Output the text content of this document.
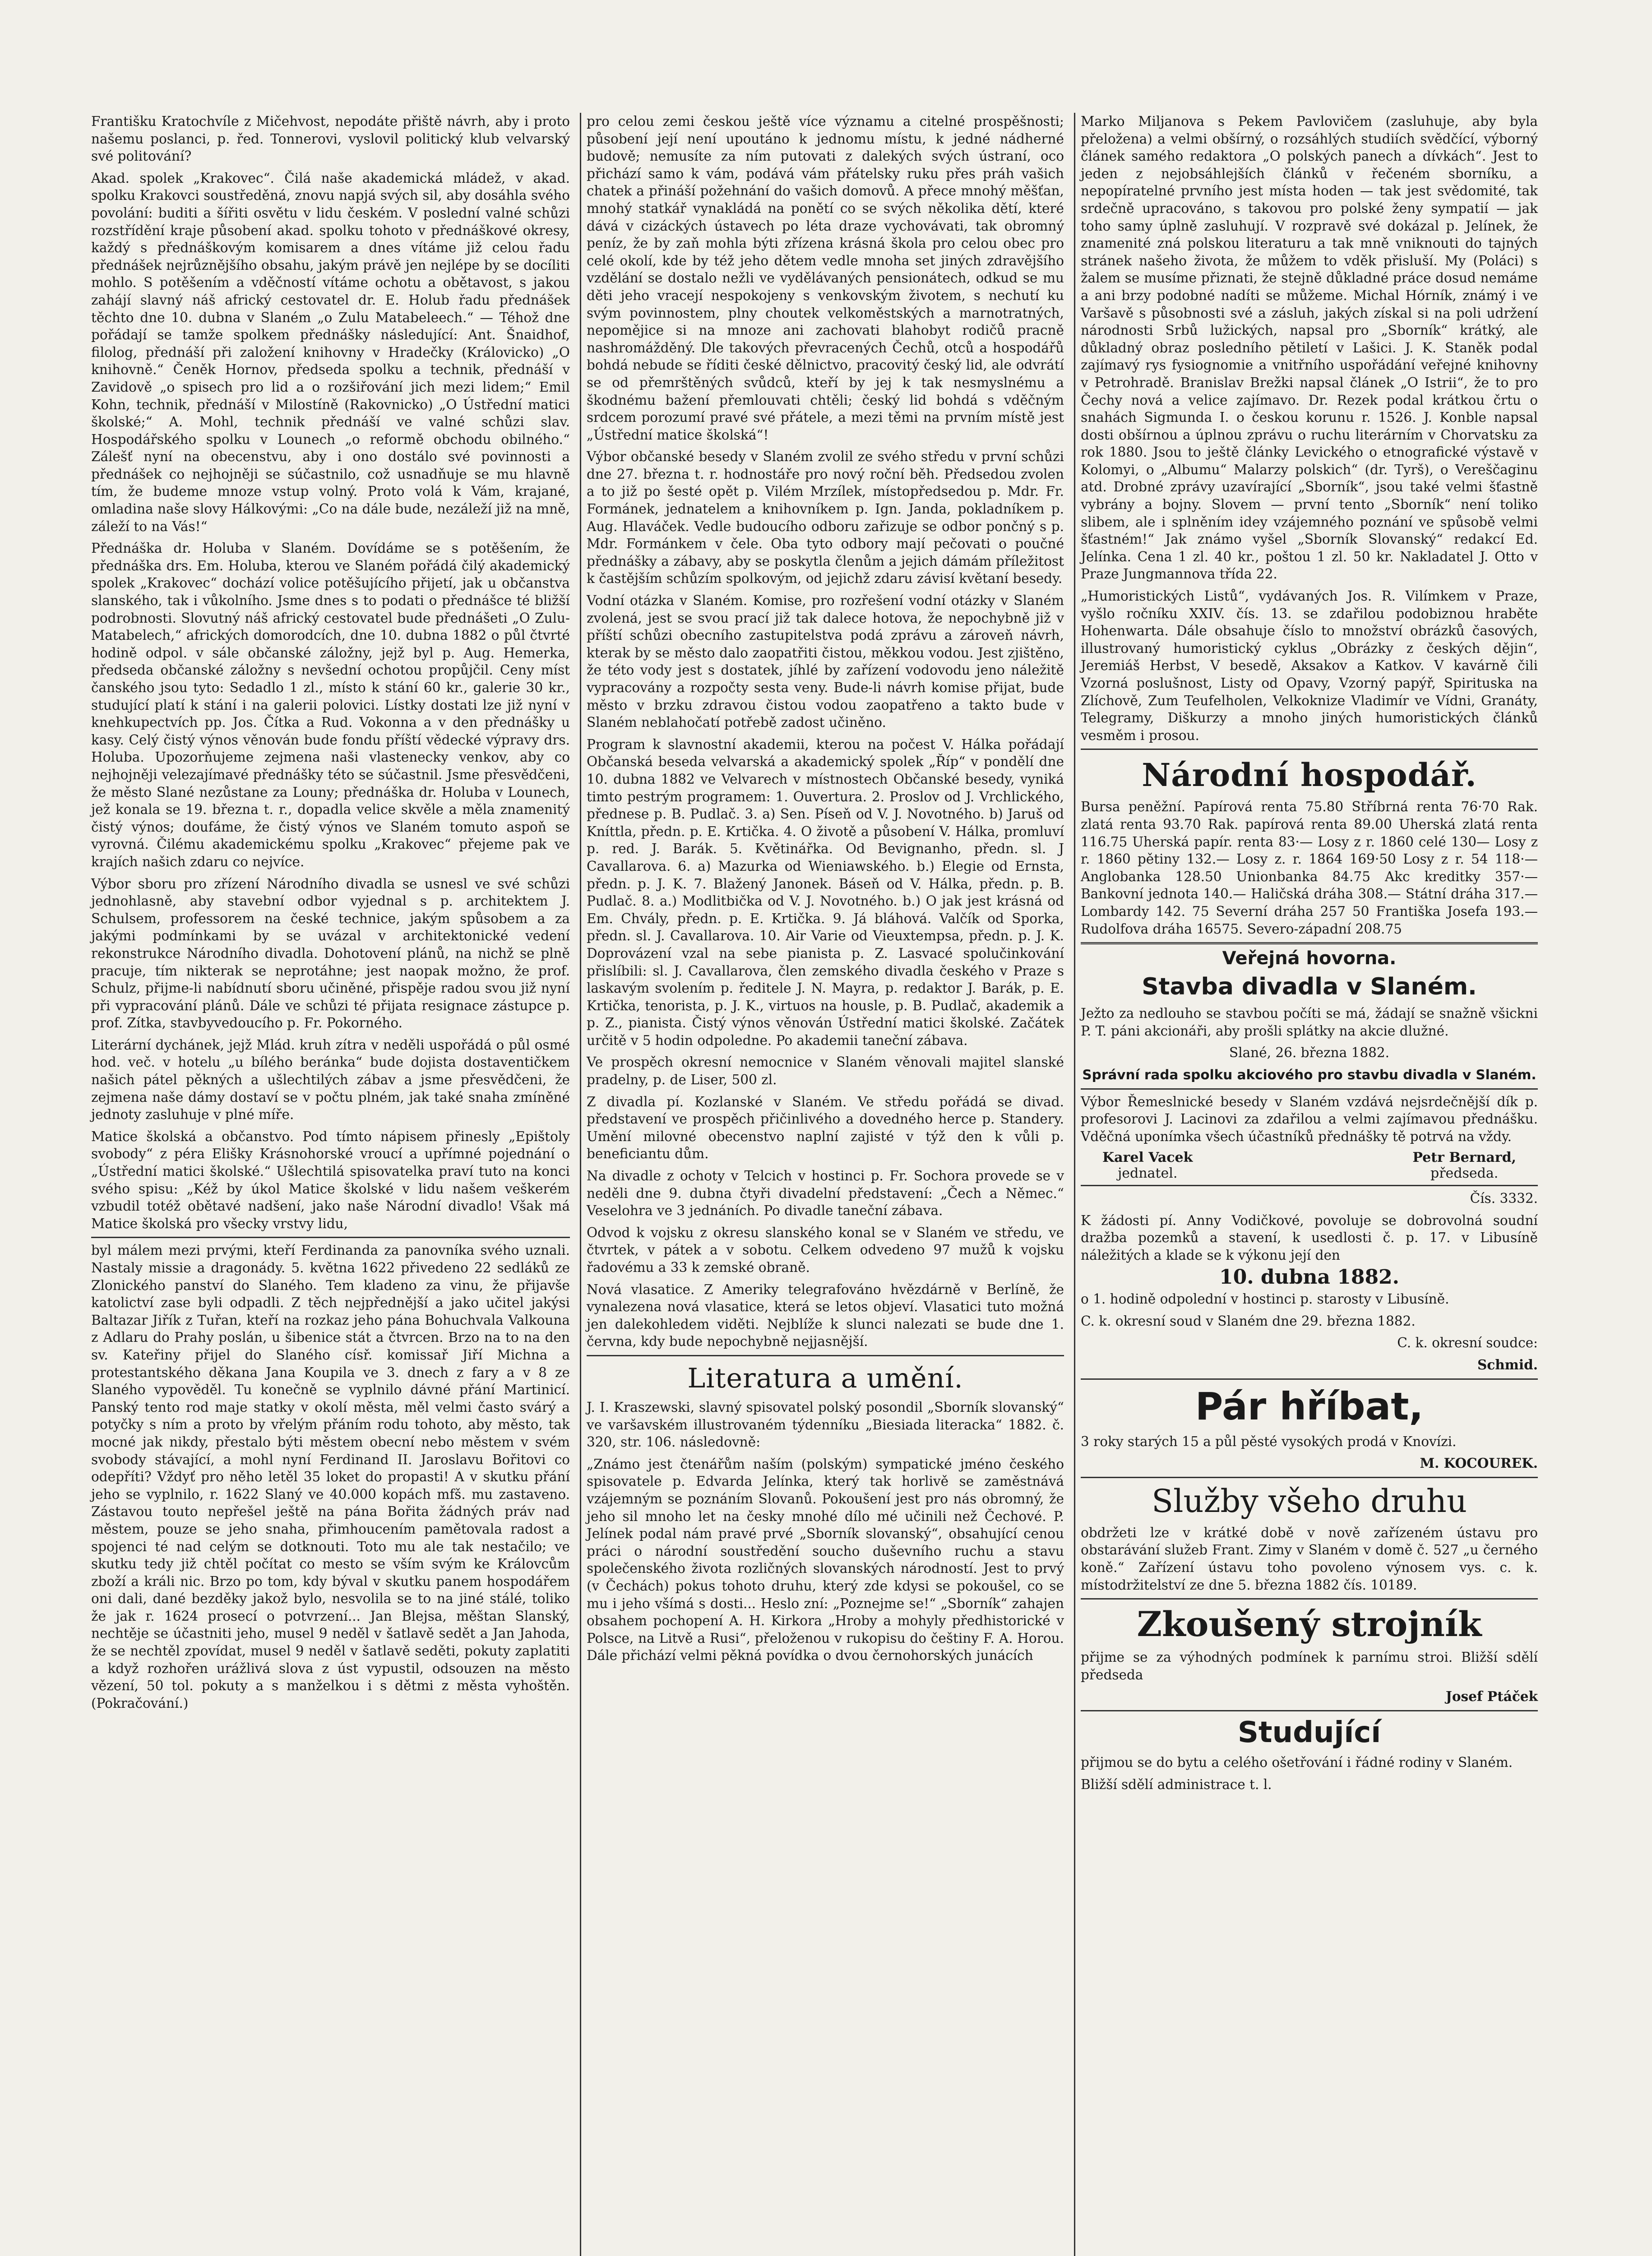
Františku Kratochvíle z Mičehvost, nepodáte přiště návrh, aby i proto našemu poslanci, p. řed. Tonnerovi, vyslovil politický klub velvarský své politování?

Akad. spolek „Krakovec“. Čilá naše akademická mládež, v akad. spolku Krakovci soustředěná, znovu napjá svých sil, aby dosáhla svého povolání: buditi a šířiti osvětu v lidu českém. V poslední valné schůzi rozstřídění kraje působení akad. spolku tohoto v přednáškové okresy, každý s přednáškovým komisarem a dnes vítáme již celou řadu přednášek nejrůznějšího obsahu, jakým právě jen nejlépe by se docíliti mohlo. S potěšením a vděčností vítáme ochotu a obětavost, s jakou zahájí slavný náš africký cestovatel dr. E. Holub řadu přednášek těchto dne 10. dubna v Slaném „o Zulu Matabeleech.“ — Téhož dne pořádají se tamže spolkem přednášky následující: Ant. Šnaidhof, filolog, přednáší při založení knihovny v Hradečky (Královicko) „O knihovně.“ Čeněk Hornov, předseda spolku a technik, přednáší v Zavidově „o spisech pro lid a o rozšiřování jich mezi lidem;“ Emil Kohn, technik, přednáší v Milostíně (Rakovnicko) „O Ústřední matici školské;“ A. Mohl, technik přednáší ve valné schůzi slav. Hospodářského spolku v Lounech „o reformě obchodu obilného.“ Zálešť nyní na obecenstvu, aby i ono dostálo své povinnosti a přednášek co nejhojněji se súčastnilo, což usnadňuje se mu hlavně tím, že budeme mnoze vstup volný. Proto volá k Vám, krajané, omladina naše slovy Hálkovými: „Co na dále bude, nezáleží již na mně, záleží to na Vás!“

Přednáška dr. Holuba v Slaném. Dovídáme se s potěšením, že přednáška drs. Em. Holuba, kterou ve Slaném pořádá čilý akademický spolek „Krakovec“ dochází volice potěšujícího přijetí, jak u občanstva slanského, tak i vůkolního. Jsme dnes s to podati o přednášce té bližší podrobnosti. Slovutný náš africký cestovatel bude přednášeti „O Zulu-Matabelech,“ afrických domorodcích, dne 10. dubna 1882 o půl čtvrté hodině odpol. v sále občanské záložny, jejž byl p. Aug. Hemerka, předseda občanské záložny s nevšední ochotou propůjčil. Ceny míst čanského jsou tyto: Sedadlo 1 zl., místo k stání 60 kr., galerie 30 kr., studující platí k stání i na galerii polovici. Lístky dostati lze již nyní v knehkupectvích pp. Jos. Čítka a Rud. Vokonna a v den přednášky u kasy. Celý čistý výnos věnován bude fondu příští vědecké výpravy drs. Holuba. Upozorňujeme zejmena naši vlastenecky venkov, aby co nejhojněji velezajímavé přednášky této se súčastnil. Jsme přesvědčeni, že město Slané nezůstane za Louny; přednáška dr. Holuba v Lounech, jež konala se 19. března t. r., dopadla velice skvěle a měla znamenitý čistý výnos; doufáme, že čistý výnos ve Slaném tomuto aspoň se vyrovná. Čilému akademickému spolku „Krakovec“ přejeme pak ve krajích našich zdaru co nejvíce.

Výbor sboru pro zřízení Národního divadla se usnesl ve své schůzi jednohlasně, aby stavební odbor vyjednal s p. architektem J. Schulsem, professorem na české technice, jakým spůsobem a za jakými podmínkami by se uvázal v architektonické vedení rekonstrukce Národního divadla. Dohotovení plánů, na nichž se plně pracuje, tím nikterak se neprotáhne; jest naopak možno, že prof. Schulz, přijme-li nabídnutí sboru učiněné, přispěje radou svou již nyní při vypracování plánů. Dále ve schůzi té přijata resignace zástupce p. prof. Zítka, stavbyvedoucího p. Fr. Pokorného.

Literární dychánek, jejž Mlád. kruh zítra v neděli uspořádá o půl osmé hod. več. v hotelu „u bílého beránka“ bude dojista dostaventičkem našich pátel pěkných a ušlechtilých zábav a jsme přesvědčeni, že zejmena naše dámy dostaví se v počtu plném, jak také snaha zmíněné jednoty zasluhuje v plné míře.

Matice školská a občanstvo. Pod tímto nápisem přinesly „Epištoly svobody“ z péra Elišky Krásnohorské vroucí a upřímné pojednání o „Ústřední matici školské.“ Ušlechtilá spisovatelka praví tuto na konci svého spisu: „Kéž by úkol Matice školské v lidu našem veškerém vzbudil totéž obětavé nadšení, jako naše Národní divadlo! Však má Matice školská pro všecky vrstvy lidu,

byl málem mezi prvými, kteří Ferdinanda za panovníka svého uznali. Nastaly missie a dragonády. 5. května 1622 přivedeno 22 sedláků ze Zlonického panství do Slaného. Tem kladeno za vinu, že přijavše katolictví zase byli odpadli. Z těch nejpřednější a jako učitel jakýsi Baltazar Jiřík z Tuřan, kteří na rozkaz jeho pána Bohuchvala Valkouna z Adlaru do Prahy poslán, u šibenice stát a čtvrcen. Brzo na to na den sv. Kateřiny přijel do Slaného císř. komissař Jiří Michna a protestantského děkana Jana Koupila ve 3. dnech z fary a v 8 ze Slaného vypověděl. Tu konečně se vyplnilo dávné přání Martinicí. Panský tento rod maje statky v okolí města, měl velmi často svárý a potyčky s ním a proto by vřelým přáním rodu tohoto, aby město, tak mocné jak nikdy, přestalo býti městem obecní nebo městem v svém svobody stávající, a mohl nyní Ferdinand II. Jaroslavu Bořitovi co odepříti? Vždyť pro něho letěl 35 loket do propasti! A v skutku přání jeho se vyplnilo, r. 1622 Slaný ve 40.000 kopách mfš. mu zastaveno. Zástavou touto nepřešel ještě na pána Bořita žádných práv nad městem, pouze se jeho snaha, přimhoucením pamětovala radost a spojenci té nad celým se dotknouti. Toto mu ale tak nestačilo; ve skutku tedy již chtěl počítat co mesto se vším svým ke Královcům zboží a králi nic. Brzo po tom, kdy býval v skutku panem hospodářem oni dali, dané bezděky jakož bylo, nesvolila se to na jiné stálé, toliko že jak r. 1624 prosecí o potvrzení... Jan Blejsa, měštan Slanský, nechtěje se účastniti jeho, musel 9 neděl v šatlavě sedět a Jan Jahoda, že se nechtěl zpovídat, musel 9 neděl v šatlavě seděti, pokuty zaplatiti a když rozhořen urážlivá slova z úst vypustil, odsouzen na město vězení, 50 tol. pokuty a s manželkou i s dětmi z města vyhoštěn. (Pokračování.)

pro celou zemi českou ještě více významu a citelné prospěšnosti; působení její není upoutáno k jednomu místu, k jedné nádherné budově; nemusíte za ním putovati z dalekých svých ústraní, oco přichází samo k vám, podává vám přátelsky ruku přes práh vašich chatek a přináší požehnání do vašich domovů. A přece mnohý měšťan, mnohý statkář vynakládá na ponětí co se svých několika dětí, které dává v cizáckých ústavech po léta draze vychovávati, tak obromný peníz, že by zaň mohla býti zřízena krásná škola pro celou obec pro celé okolí, kde by též jeho dětem vedle mnoha set jiných zdravějšího vzdělání se dostalo nežli ve vydělávaných pensionátech, odkud se mu děti jeho vracejí nespokojeny s venkovským životem, s nechutí ku svým povinnostem, plny choutek velkoměstských a marnotratných, nepomějice si na mnoze ani zachovati blahobyt rodičů pracně nashromážděný. Dle takových převracených Čechů, otců a hospodářů bohdá nebude se říditi české dělnictvo, pracovitý český lid, ale odvrátí se od přemrštěných svůdců, kteří by jej k tak nesmyslnému a škodnému bažení přemlouvati chtěli; český lid bohdá s vděčným srdcem porozumí pravé své přátele, a mezi těmi na prvním místě jest „Ústřední matice školská“!

Výbor občanské besedy v Slaném zvolil ze svého středu v první schůzi dne 27. března t. r. hodnostáře pro nový roční běh. Předsedou zvolen a to již po šesté opět p. Vilém Mrzílek, místopředsedou p. Mdr. Fr. Formánek, jednatelem a knihovníkem p. Ign. Janda, pokladníkem p. Aug. Hlaváček. Vedle budoucího odboru zařizuje se odbor pončný s p. Mdr. Formánkem v čele. Oba tyto odbory mají pečovati o poučné přednášky a zábavy, aby se poskytla členům a jejich dámám příležitost k častějším schůzím spolkovým, od jejichž zdaru závisí květaní besedy.

Vodní otázka v Slaném. Komise, pro rozřešení vodní otázky v Slaném zvolená, jest se svou prací již tak dalece hotova, že nepochybně již v příští schůzi obecního zastupitelstva podá zprávu a zároveň návrh, kterak by se město dalo zaopatřiti čistou, měkkou vodou. Jest zjištěno, že této vody jest s dostatek, jíhlé by zařízení vodovodu jeno náležitě vypracovány a rozpočty sesta veny. Bude-li návrh komise přijat, bude město v brzku zdravou čistou vodou zaopatřeno a takto bude v Slaném neblahočatí potřebě zadost učiněno.

Program k slavnostní akademii, kterou na počest V. Hálka pořádají Občanská beseda velvarská a akademický spolek „Říp“ v pondělí dne 10. dubna 1882 ve Velvarech v místnostech Občanské besedy, vyniká timto pestrým programem: 1. Ouvertura. 2. Proslov od J. Vrchlického, přednese p. B. Pudlač. 3. a) Sen. Píseň od V. J. Novotného. b) Jaruš od Kníttla, předn. p. E. Krtička. 4. O životě a působení V. Hálka, promluví p. red. J. Barák. 5. Květinářka. Od Bevignanho, předn. sl. J Cavallarova. 6. a) Mazurka od Wieniawského. b.) Elegie od Ernsta, předn. p. J. K. 7. Blažený Janonek. Báseň od V. Hálka, předn. p. B. Pudlač. 8. a.) Modlitbička od V. J. Novotného. b.) O jak jest krásná od Em. Chvály, předn. p. E. Krtička. 9. Já bláhová. Valčík od Sporka, předn. sl. J. Cavallarova. 10. Air Varie od Vieuxtempsa, předn. p. J. K. Doprovázení vzal na sebe pianista p. Z. Lasvacé spolučinkování přislíbili: sl. J. Cavallarova, člen zemského divadla českého v Praze s laskavým svolením p. ředitele J. N. Mayra, p. redaktor J. Barák, p. E. Krtička, tenorista, p. J. K., virtuos na housle, p. B. Pudlač, akademik a p. Z., pianista. Čistý výnos věnován Ústřední matici školské. Začátek určitě v 5 hodin odpoledne. Po akademii taneční zábava.

Ve prospěch okresní nemocnice v Slaném věnovali majitel slanské pradelny, p. de Liser, 500 zl.

Z divadla pí. Kozlanské v Slaném. Ve středu pořádá se divad. představení ve prospěch přičinlivého a dovedného herce p. Standery. Umění milovné obecenstvo naplní zajisté v týž den k vůli p. beneficiantu dům.

Na divadle z ochoty v Telcich v hostinci p. Fr. Sochora provede se v neděli dne 9. dubna čtyři divadelní představení: „Čech a Němec.“ Veselohra ve 3 jednáních. Po divadle taneční zábava.

Odvod k vojsku z okresu slanského konal se v Slaném ve středu, ve čtvrtek, v pátek a v sobotu. Celkem odvedeno 97 mužů k vojsku řadovému a 33 k zemské obraně.

Nová vlasatice. Z Ameriky telegrafováno hvězdárně v Berlíně, že vynalezena nová vlasatice, která se letos objeví. Vlasatici tuto možná jen dalekohledem viděti. Nejblíže k slunci nalezati se bude dne 1. června, kdy bude nepochybně nejjasnější.

Literatura a umění.

J. I. Kraszewski, slavný spisovatel polský posondil „Sborník slovanský“ ve varšavském illustrovaném týdenníku „Biesiada literacka“ 1882. č. 320, str. 106. následovně:

„Známo jest čtenářům naším (polským) sympatické jméno českého spisovatele p. Edvarda Jelínka, který tak horlivě se zaměstnává vzájemným se poznáním Slovanů. Pokoušení jest pro nás obromný, že jeho sil mnoho let na česky mnohé dílo mé učinili než Čechové. P. Jelínek podal nám pravé prvé „Sborník slovanský“, obsahující cenou práci o národní soustředění soucho duševního ruchu a stavu společenského života rozličných slovanských národností. Jest to prvý (v Čechách) pokus tohoto druhu, který zde kdysi se pokoušel, co se mu i jeho všímá s dosti... Heslo zní: „Poznejme se!“ „Sborník“ zahajen obsahem pochopení A. H. Kirkora „Hroby a mohyly předhistorické v Polsce, na Litvě a Rusi“, přeloženou v rukopisu do češtiny F. A. Horou. Dále přichází velmi pěkná povídka o dvou černohorských junácích

Marko Miljanova s Pekem Pavlovičem (zasluhuje, aby byla přeložena) a velmi obšírný, o rozsáhlých studiích svědčící, výborný článek samého redaktora „O polských panech a dívkách“. Jest to jeden z nejobsáhlejších článků v řečeném sborníku, a nepopíratelné prvního jest místa hoden — tak jest svědomité, tak srdečně upracováno, s takovou pro polské ženy sympatií — jak toho samy úplně zasluhují. V rozpravě své dokázal p. Jelínek, že znamenité zná polskou literaturu a tak mně vniknouti do tajných stránek našeho života, že můžem to vděk přisluší. My (Poláci) s žalem se musíme přiznati, že stejně důkladné práce dosud nemáme a ani brzy podobné nadíti se můžeme. Michal Hórník, známý i ve Varšavě s působnosti své a zásluh, jakých získal si na poli udržení národnosti Srbů lužických, napsal pro „Sborník“ krátký, ale důkladný obraz posledního pětiletí v Lašici. J. K. Staněk podal zajímavý rys fysiognomie a vnitřního uspořádání veřejné knihovny v Petrohradě. Branislav Brežki napsal článek „O Istrii“, že to pro Čechy nová a velice zajímavo. Dr. Rezek podal krátkou črtu o snahách Sigmunda I. o českou korunu r. 1526. J. Konble napsal dosti obšírnou a úplnou zprávu o ruchu literárním v Chorvatsku za rok 1880. Jsou to ještě články Levického o etnografické výstavě v Kolomyi, o „Albumu“ Malarzy polskich“ (dr. Tyrš), o Vereščaginu atd. Drobné zprávy uzavírající „Sborník“, jsou také velmi šťastně vybrány a bojny. Slovem — první tento „Sborník“ není toliko slibem, ale i splněním idey vzájemného poznání ve spůsobě velmi šťastném!“ Jak známo vyšel „Sborník Slovanský“ redakcí Ed. Jelínka. Cena 1 zl. 40 kr., poštou 1 zl. 50 kr. Nakladatel J. Otto v Praze Jungmannova třída 22.

„Humoristických Listů“, vydávaných Jos. R. Vilímkem v Praze, vyšlo ročníku XXIV. čís. 13. se zdařilou podobiznou hraběte Hohenwarta. Dále obsahuje číslo to množství obrázků časových, illustrovaný humoristický cyklus „Obrázky z českých dějin“, Jeremiáš Herbst, V besedě, Aksakov a Katkov. V kavárně čili Vzorná poslušnost, Listy od Opavy, Vzorný papýř, Spirituska na Zlíchově, Zum Teufelholen, Velkoknize Vladimír ve Vídni, Granáty, Telegramy, Diškurzy a mnoho jiných humoristických článků vesměm i prosou.

Národní hospodář.

Bursa peněžní. Papírová renta 75.80 Stříbrná renta 76·70 Rak. zlatá renta 93.70 Rak. papírová renta 89.00 Uherská zlatá renta 116.75 Uherská papír. renta 83·— Losy z r. 1860 celé 130— Losy z r. 1860 pětiny 132.— Losy z. r. 1864 169·50 Losy z r. 54 118·— Anglobanka 128.50 Unionbanka 84.75 Akc kreditky 357·— Bankovní jednota 140.— Haličská dráha 308.— Státní dráha 317.— Lombardy 142. 75 Severní dráha 257 50 Františka Josefa 193.— Rudolfova dráha 16575. Severo-západní 208.75

Veřejná hovorna.
Stavba divadla v Slaném.

Ježto za nedlouho se stavbou počíti se má, žádají se snažně všickni P. T. páni akcionáři, aby prošli splátky na akcie dlužné.

Slané, 26. března 1882.

Správní rada spolku akciového pro stavbu divadla v Slaném.

Výbor Řemeslnické besedy v Slaném vzdává nejsrdečnější dík p. profesorovi J. Lacinovi za zdařilou a velmi zajímavou přednášku. Vděčná uponímka všech účastníků přednášky tě potrvá na vždy.

Karel Vacek
jednatel.
Petr Bernard,
předseda.

Čís. 3332.

K žádosti pí. Anny Vodičkové, povoluje se dobrovolná soudní dražba pozemků a stavení, k usedlosti č. p. 17. v Libusíně náležitých a klade se k výkonu její den

10. dubna 1882.

o 1. hodině odpolední v hostinci p. starosty v Libusíně.

C. k. okresní soud v Slaném dne 29. března 1882.

C. k. okresní soudce:

Schmid.

Pár hříbat,

3 roky starých 15 a půl pěsté vysokých prodá v Knovízi.

M. KOCOUREK.

Služby všeho druhu

obdržeti lze v krátké době v nově zařízeném ústavu pro obstarávání služeb Frant. Zimy v Slaném v domě č. 527 „u černého koně.“ Zařízení ústavu toho povoleno výnosem vys. c. k. místodržitelství ze dne 5. března 1882 čís. 10189.

Zkoušený strojník

přijme se za výhodných podmínek k parnímu stroi. Bližší sdělí předseda

Josef Ptáček

Studující

přijmou se do bytu a celého ošetřování i řádné rodiny v Slaném.

Bližší sdělí administrace t. l.
